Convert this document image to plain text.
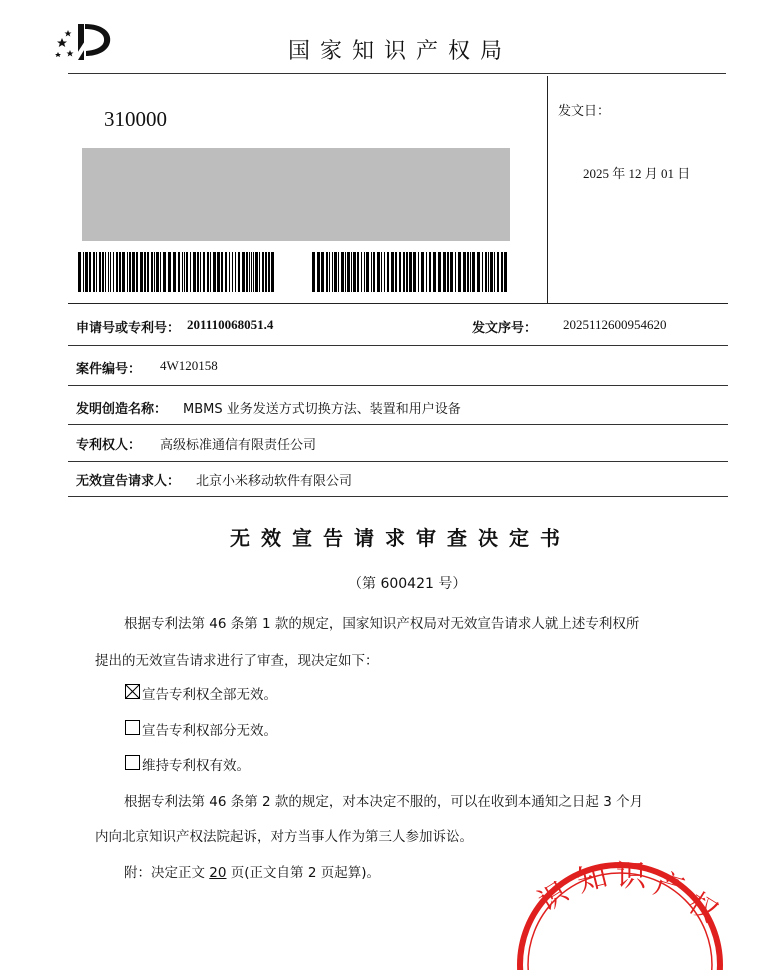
国家知识产权局
310000	发文日：
2025 年 12 月 01 日
申请号或专利号： 201110068051.4	发文序号： 2025112600954620
案件编号： 4W120158
发明创造名称： MBMS 业务发送方式切换方法、装置和用户设备
专利权人： 高级标准通信有限责任公司
无效宣告请求人： 北京小米移动软件有限公司
无效宣告请求审查决定书
（第 600421 号）
根据专利法第 46 条第 1 款的规定，国家知识产权局对无效宣告请求人就上述专利权所
提出的无效宣告请求进行了审查，现决定如下：
宣告专利权全部无效。
宣告专利权部分无效。
维持专利权有效。
根据专利法第 46 条第 2 款的规定，对本决定不服的，可以在收到本通知之日起 3 个月
内向北京知识产权法院起诉，对方当事人作为第三人参加诉讼。
附：决定正文 20 页(正文自第 2 页起算)。
识 知 识 产
权
